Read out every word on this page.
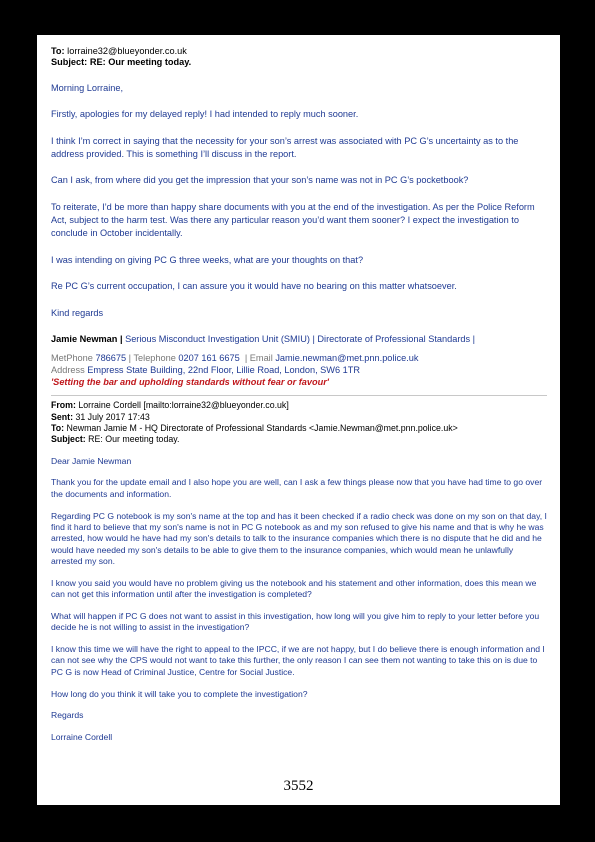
To: lorraine32@blueyonder.co.uk
Subject: RE: Our meeting today.

Morning Lorraine,

Firstly, apologies for my delayed reply! I had intended to reply much sooner.

I think I’m correct in saying that the necessity for your son’s arrest was associated with PC G’s uncertainty as to the address provided. This is something I’ll discuss in the report.

Can I ask, from where did you get the impression that your son’s name was not in PC G’s pocketbook?

To reiterate, I’d be more than happy share documents with you at the end of the investigation. As per the Police Reform Act, subject to the harm test. Was there any particular reason you’d want them sooner? I expect the investigation to conclude in October incidentally.

I was intending on giving PC G three weeks, what are your thoughts on that?

Re PC G’s current occupation, I can assure you it would have no bearing on this matter whatsoever.

Kind regards

Jamie Newman | Serious Misconduct Investigation Unit (SMIU) | Directorate of Professional Standards |
MetPhone 786675 | Telephone 0207 161 6675  | Email Jamie.newman@met.pnn.police.uk
Address Empress State Building, 22nd Floor, Lillie Road, London, SW6 1TR
'Setting the bar and upholding standards without fear or favour'
From: Lorraine Cordell [mailto:lorraine32@blueyonder.co.uk]
Sent: 31 July 2017 17:43
To: Newman Jamie M - HQ Directorate of Professional Standards <Jamie.Newman@met.pnn.police.uk>
Subject: RE: Our meeting today.

Dear Jamie Newman

Thank you for the update email and I also hope you are well, can I ask a few things please now that you have had time to go over the documents and information.

Regarding PC G notebook is my son's name at the top and has it been checked if a radio check was done on my son on that day, I find it hard to believe that my son's name is not in PC G notebook as and my son refused to give his name and that is why he was arrested, how would he have had my son's details to talk to the insurance companies which there is no dispute that he did and he would have needed my son's details to be able to give them to the insurance companies, which would mean he unlawfully arrested my son.

I know you said you would have no problem giving us the notebook and his statement and other information, does this mean we can not get this information until after the investigation is completed?

What will happen if PC G does not want to assist in this investigation, how long will you give him to reply to your letter before you decide he is not willing to assist in the investigation?

I know this time we will have the right to appeal to the IPCC, if we are not happy, but I do believe there is enough information and I can not see why the CPS would not want to take this further, the only reason I can see them not wanting to take this on is due to PC G is now Head of Criminal Justice, Centre for Social Justice.

How long do you think it will take you to complete the investigation?

Regards

Lorraine Cordell

3552
